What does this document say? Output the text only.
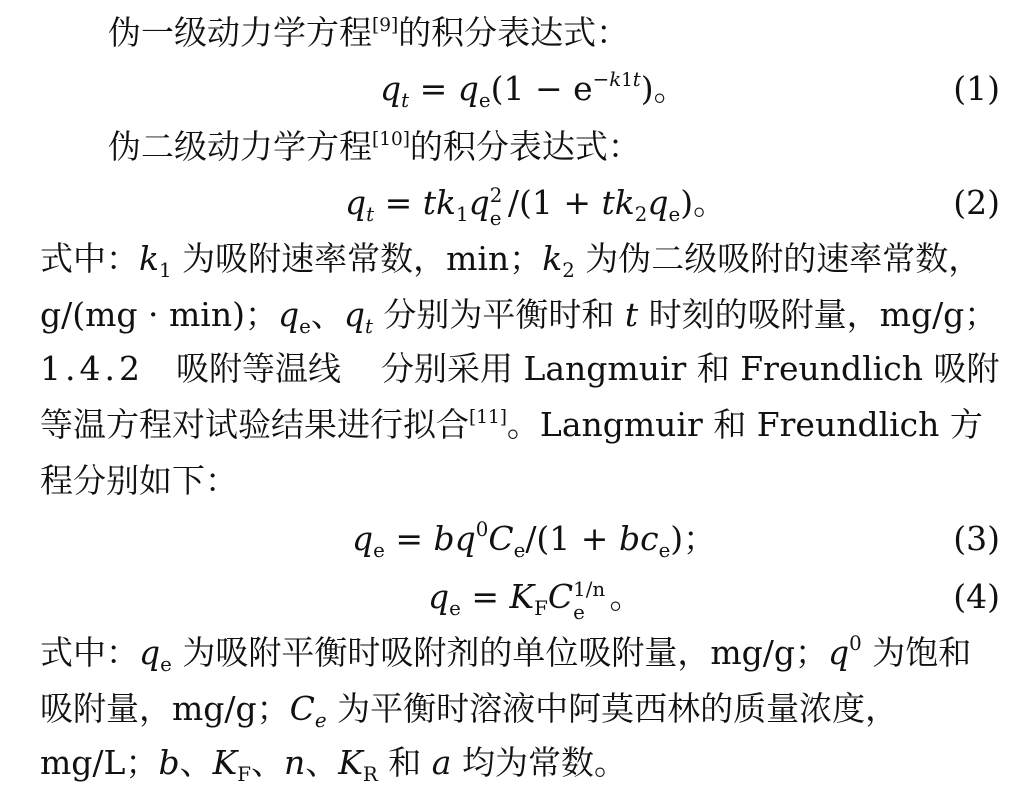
伪一级动力学方程[9]的积分表达式：
$q_t = q_e(1 - e^{-k1t})$。	(1)
伪二级动力学方程[10]的积分表达式：
$q_t = tk_1q$ 2
e $/(1 + tk_2q_e)$。	(2)
式中：$k_1$ 为吸附速率常数，min；$k_2$ 为伪二级吸附的速率常数，
g/(mg · min)；$q_e$、$q_t$ 分别为平衡时和 t 时刻的吸附量，mg/g；
1.4.2 吸附等温线 分别采用 Langmuir 和 Freundlich 吸附
等温方程对试验结果进行拟合[11]。Langmuir 和 Freundlich 方
程分别如下：
$q_e = bq^0C_e/(1 + bc_e)$；	(3)
$q_e = K_FC$ 1/n
e 。	(4)
式中：$q_e$ 为吸附平衡时吸附剂的单位吸附量，mg/g；$q^0$ 为饱和
吸附量，mg/g；$C_e$ 为平衡时溶液中阿莫西林的质量浓度，
mg/L；b、$K_F$、n、$K_R$ 和 a 均为常数。
